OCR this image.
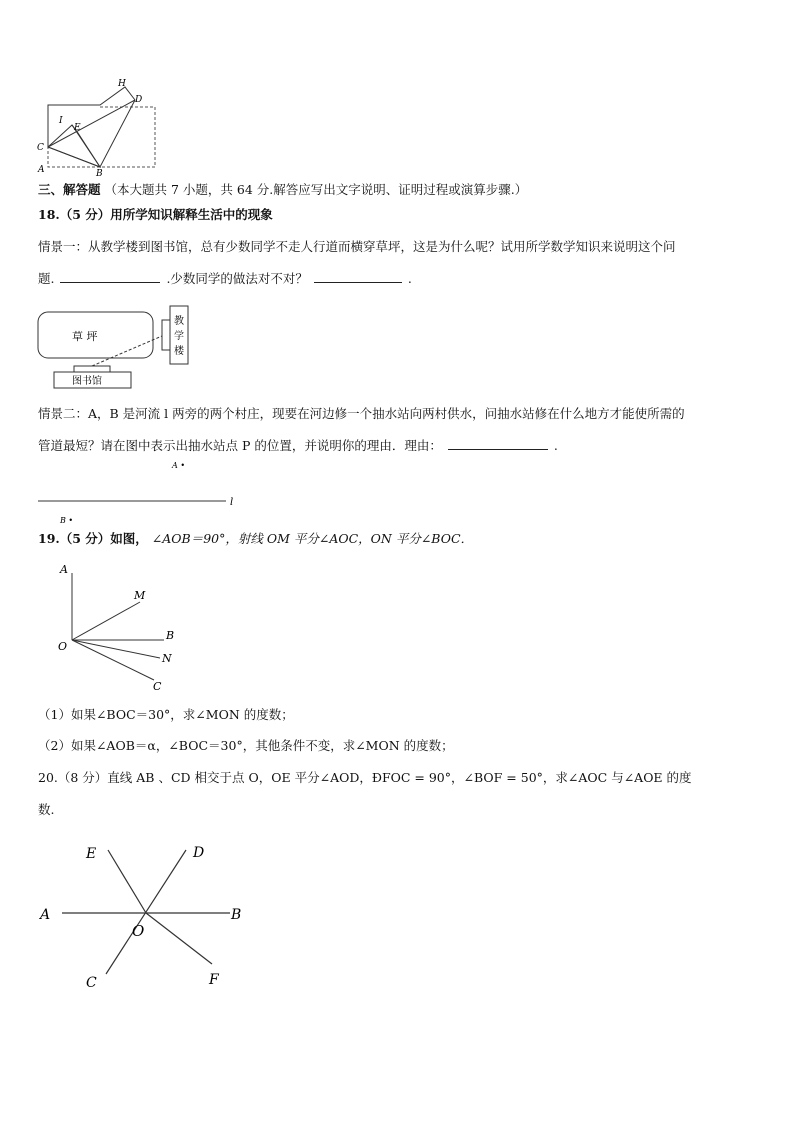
H
D
I
E
C
A	B
三、解答题 （本大题共 7 小题，共 64 分.解答应写出文字说明、证明过程或演算步骤.）
18.（5 分）用所学知识解释生活中的现象
情景一：从教学楼到图书馆，总有少数同学不走人行道而横穿草坪，这是为什么呢？试用所学数学知识来说明这个问
题.	.少数同学的做法对不对？	.
草 坪
教
学
楼
图书馆
情景二：A，B 是河流 l 两旁的两个村庄，现要在河边修一个抽水站向两村供水，问抽水站修在什么地方才能使所需的
管道最短？请在图中表示出抽水站点 P 的位置，并说明你的理由．理由：	.
A •
l
B •
19.（5 分）如图， ∠AOB＝90°，射线 OM 平分∠AOC，ON 平分∠BOC．
A
M
B
O
N
C
（1）如果∠BOC＝30°，求∠MON 的度数；
（2）如果∠AOB＝α，∠BOC＝30°，其他条件不变，求∠MON 的度数；
20.（8 分）直线 AB 、CD 相交于点 O，OE 平分∠AOD，ÐFOC = 90°，∠BOF = 50°，求∠AOC 与∠AOE 的度
数.
E	D
A	B
O
C	F
